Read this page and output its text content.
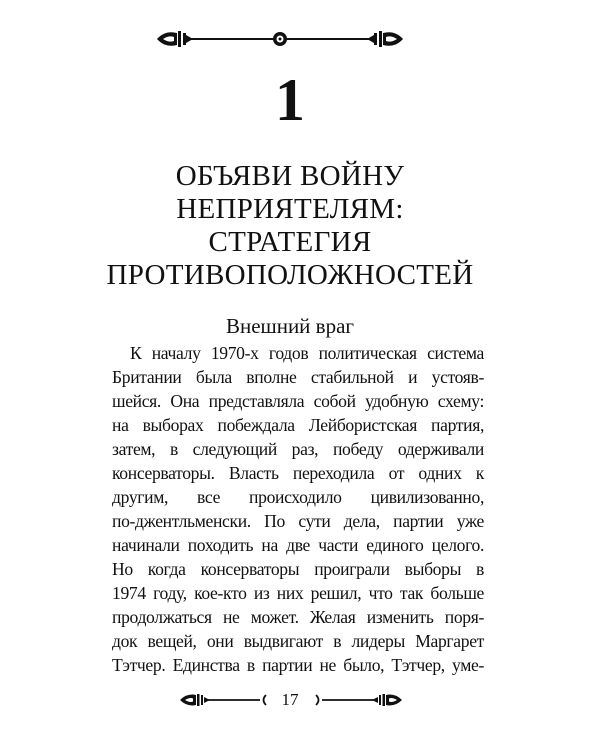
1
ОБЪЯВИ ВОЙНУ
НЕПРИЯТЕЛЯМ:
СТРАТЕГИЯ
ПРОТИВОПОЛОЖНОСТЕЙ
Внешний враг
К началу 1970-х годов политическая система
Британии была вполне стабильной и устояв-
шейся. Она представляла собой удобную схему:
на выборах побеждала Лейбористская партия,
затем, в следующий раз, победу одерживали
консерваторы. Власть переходила от одних к
другим, все происходило цивилизованно,
по-джентльменски. По сути дела, партии уже
начинали походить на две части единого целого.
Но когда консерваторы проиграли выборы в
1974 году, кое-кто из них решил, что так больше
продолжаться не может. Желая изменить поря-
док вещей, они выдвигают в лидеры Маргарет
Тэтчер. Единства в партии не было, Тэтчер, уме-
17
